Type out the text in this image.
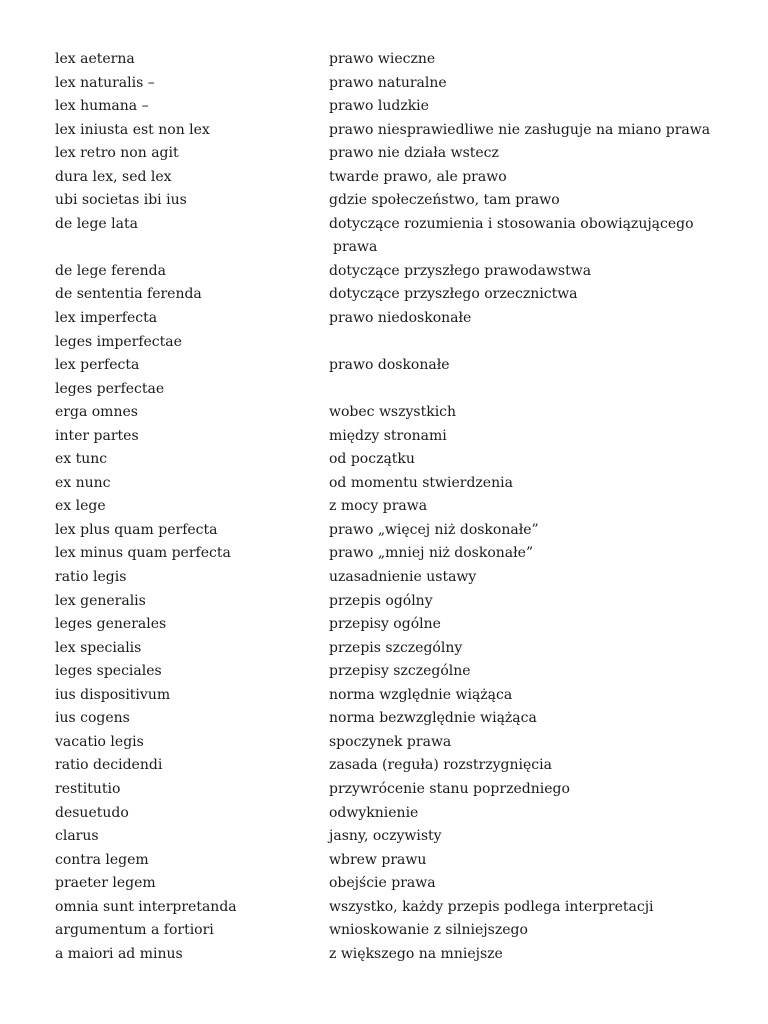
lex aeterna	prawo wieczne
lex naturalis –	prawo naturalne
lex humana –	prawo ludzkie
lex iniusta est non lex	prawo niesprawiedliwe nie zasługuje na miano prawa
lex retro non agit	prawo nie działa wstecz
dura lex, sed lex	twarde prawo, ale prawo
ubi societas ibi ius	gdzie społeczeństwo, tam prawo
de lege lata	dotyczące rozumienia i stosowania obowiązującego
prawa
de lege ferenda	dotyczące przyszłego prawodawstwa
de sententia ferenda	dotyczące przyszłego orzecznictwa
lex imperfecta	prawo niedoskonałe
leges imperfectae
lex perfecta	prawo doskonałe
leges perfectae
erga omnes	wobec wszystkich
inter partes	między stronami
ex tunc	od początku
ex nunc	od momentu stwierdzenia
ex lege	z mocy prawa
lex plus quam perfecta	prawo „więcej niż doskonałe”
lex minus quam perfecta	prawo „mniej niż doskonałe”
ratio legis	uzasadnienie ustawy
lex generalis	przepis ogólny
leges generales	przepisy ogólne
lex specialis	przepis szczególny
leges speciales	przepisy szczególne
ius dispositivum	norma względnie wiążąca
ius cogens	norma bezwzględnie wiążąca
vacatio legis	spoczynek prawa
ratio decidendi	zasada (reguła) rozstrzygnięcia
restitutio	przywrócenie stanu poprzedniego
desuetudo	odwyknienie
clarus	jasny, oczywisty
contra legem	wbrew prawu
praeter legem	obejście prawa
omnia sunt interpretanda	wszystko, każdy przepis podlega interpretacji
argumentum a fortiori	wnioskowanie z silniejszego
a maiori ad minus	z większego na mniejsze
